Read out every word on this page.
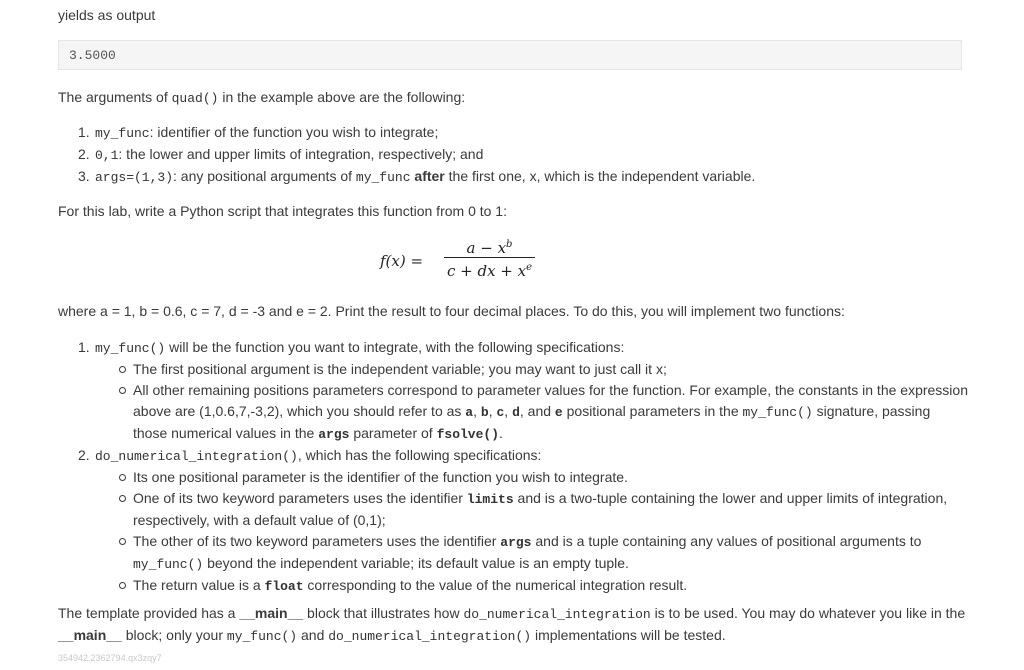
yields as output
3.5000

The arguments of quad() in the example above are the following:

1. my_func: identifier of the function you wish to integrate;
2. 0,1: the lower and upper limits of integration, respectively; and
3. args=(1,3): any positional arguments of my_func after the first one, x, which is the independent variable.

For this lab, write a Python script that integrates this function from 0 to 1:

f(x) =
$a - x^b$
c + dx + $x^e$

where a = 1, b = 0.6, c = 7, d = -3 and e = 2. Print the result to four decimal places. To do this, you will implement two functions:

1. my_func() will be the function you want to integrate, with the following specifications:
The first positional argument is the independent variable; you may want to just call it x;
All other remaining positions parameters correspond to parameter values for the function. For example, the constants in the expression above are (1,0.6,7,-3,2), which you should refer to as a, b, c, d, and e positional parameters in the my_func() signature, passing those numerical values in the args parameter of fsolve().
2. do_numerical_integration(), which has the following specifications:
Its one positional parameter is the identifier of the function you wish to integrate.
One of its two keyword parameters uses the identifier limits and is a two-tuple containing the lower and upper limits of integration, respectively, with a default value of (0,1);
The other of its two keyword parameters uses the identifier args and is a tuple containing any values of positional arguments to my_func() beyond the independent variable; its default value is an empty tuple.
The return value is a float corresponding to the value of the numerical integration result.

The template provided has a __main__ block that illustrates how do_numerical_integration is to be used. You may do whatever you like in the __main__ block; only your my_func() and do_numerical_integration() implementations will be tested.

354942.2362794.qx3zqy7
